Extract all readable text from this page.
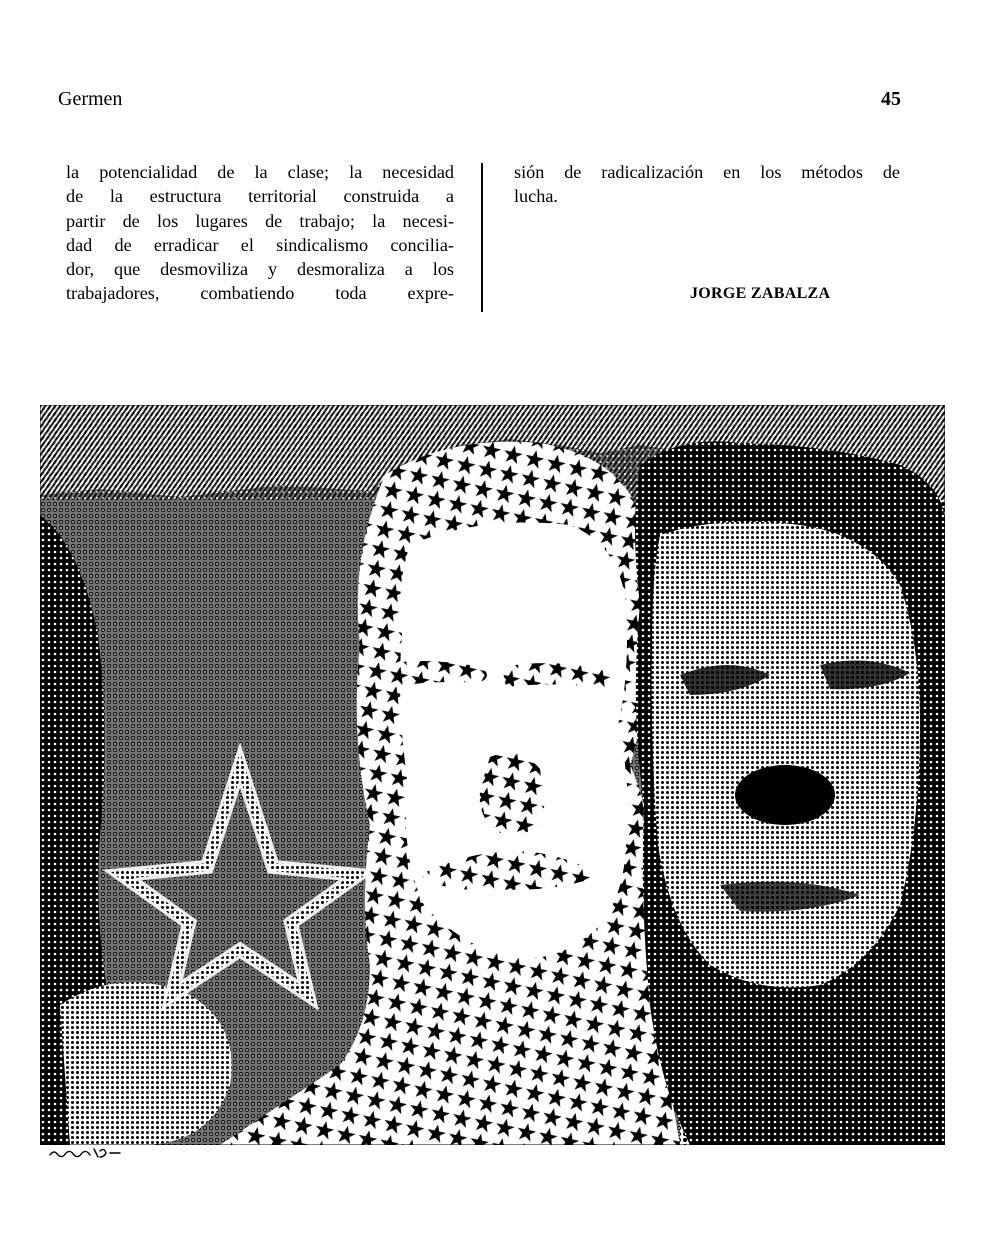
Germen	45
la potencialidad de la clase; la necesidad
de la estructura territorial construida a
partir de los lugares de trabajo; la necesi-
dad de erradicar el sindicalismo concilia-
dor, que desmoviliza y desmoraliza a los
trabajadores, combatiendo toda expre-
sión de radicalización en los métodos de
lucha.
JORGE ZABALZA
